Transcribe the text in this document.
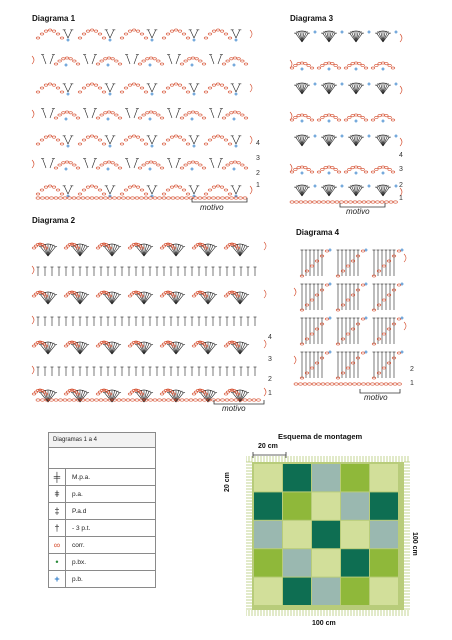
Diagrama 1	Diagrama 3
Diagrama 2
Diagrama 4
4
3
2
1
motivo
4
3
2
1
motivo
4
3
2
1
motivo
2
1
motivo
Diagramas 1 a 4
╪	M.p.a.
ǂ	p.a.
‡	P.a.d
†	- 3 p.t.
∞	corr.
•	p.bx.
+	p.b.
Esquema de montagem
20 cm
20 cm
100 cm
100 cm
